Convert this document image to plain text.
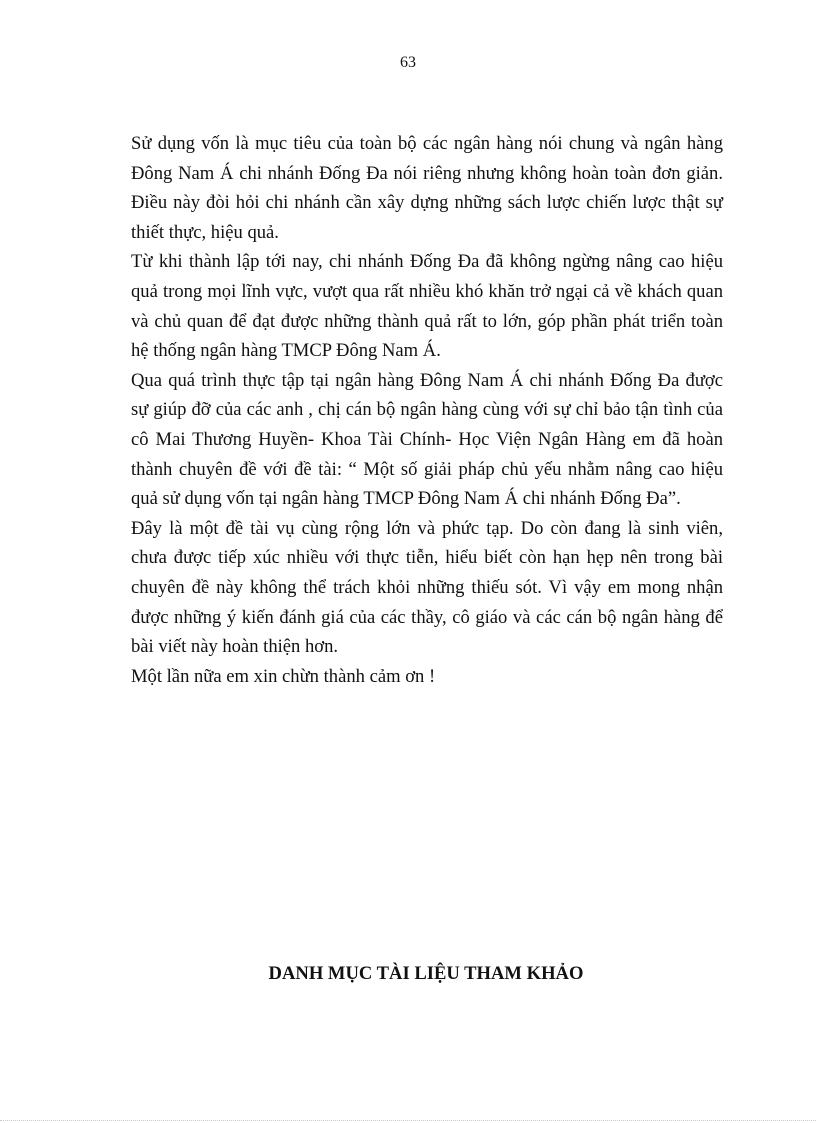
63
Sử dụng vốn là mục tiêu của toàn bộ các ngân hàng nói chung và ngân hàng
Đông Nam Á chi nhánh Đống Đa nói riêng nhưng không hoàn toàn đơn giản.
Điều này đòi hỏi chi nhánh cần xây dựng những sách lược chiến lược thật sự
thiết thực, hiệu quả.
Từ khi thành lập tới nay, chi nhánh Đống Đa đã không ngừng nâng cao hiệu
quả trong mọi lĩnh vực, vượt qua rất nhiều khó khăn trở ngại cả về khách quan
và chủ quan để đạt được những thành quả rất to lớn, góp phần phát triển toàn
hệ thống ngân hàng TMCP Đông Nam Á.
Qua quá trình thực tập tại ngân hàng Đông Nam Á chi nhánh Đống Đa được
sự giúp đỡ của các anh , chị cán bộ ngân hàng cùng với sự chỉ bảo tận tình của
cô Mai Thương Huyền- Khoa Tài Chính- Học Viện Ngân Hàng em đã hoàn
thành chuyên đề với đề tài: “ Một số giải pháp chủ yếu nhằm nâng cao hiệu
quả sử dụng vốn tại ngân hàng TMCP Đông Nam Á chi nhánh Đống Đa”.
Đây là một đề tài vụ cùng rộng lớn và phức tạp. Do còn đang là sinh viên,
chưa được tiếp xúc nhiều với thực tiễn, hiểu biết còn hạn hẹp nên trong bài
chuyên đề này không thể trách khỏi những thiếu sót. Vì vậy em mong nhận
được những ý kiến đánh giá của các thầy, cô giáo và các cán bộ ngân hàng để
bài viết này hoàn thiện hơn.
Một lần nữa em xin chừn thành cảm ơn !
DANH MỤC TÀI LIỆU THAM KHẢO
